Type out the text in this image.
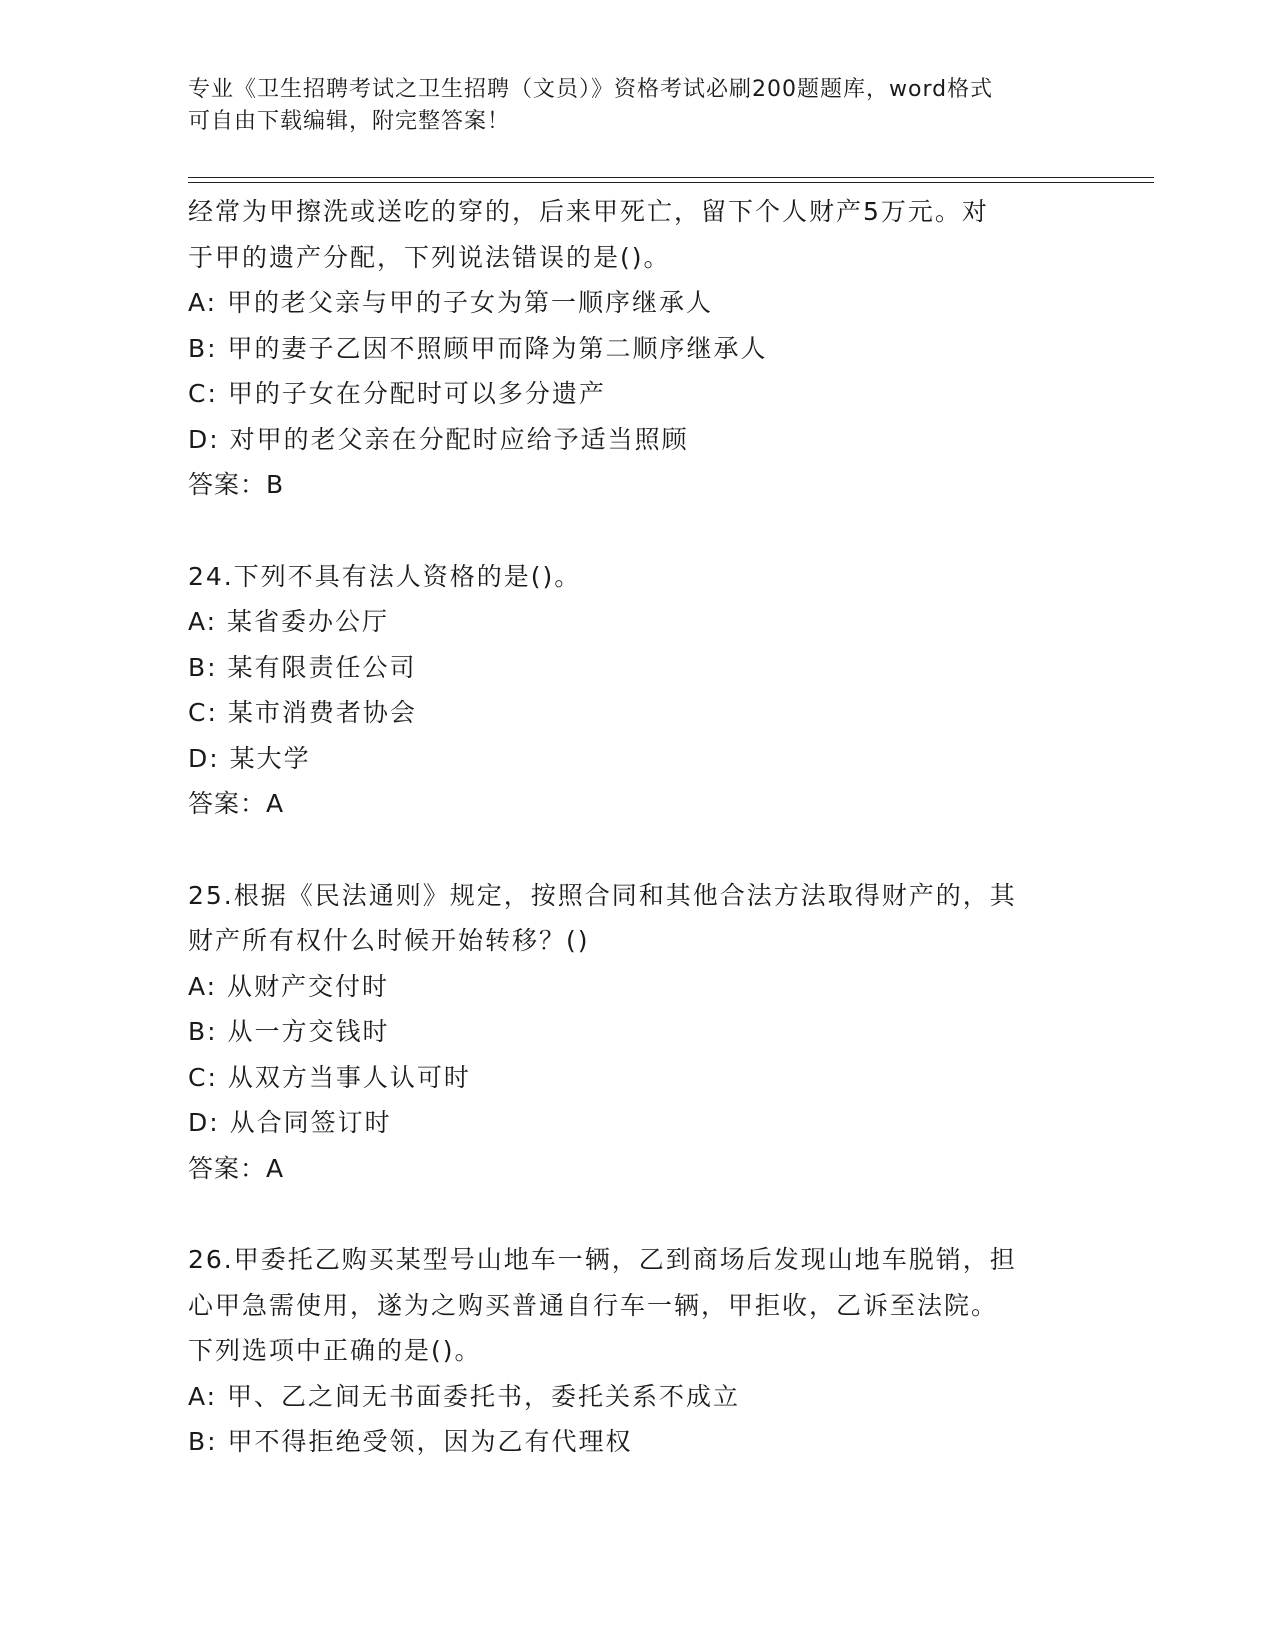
专业《卫生招聘考试之卫生招聘（文员）》资格考试必刷200题题库，word格式
可自由下载编辑，附完整答案！
经常为甲擦洗或送吃的穿的，后来甲死亡，留下个人财产5万元。对
于甲的遗产分配，下列说法错误的是()。
A: 甲的老父亲与甲的子女为第一顺序继承人
B: 甲的妻子乙因不照顾甲而降为第二顺序继承人
C: 甲的子女在分配时可以多分遗产
D: 对甲的老父亲在分配时应给予适当照顾
答案：B
24.下列不具有法人资格的是()。
A: 某省委办公厅
B: 某有限责任公司
C: 某市消费者协会
D: 某大学
答案：A
25.根据《民法通则》规定，按照合同和其他合法方法取得财产的，其
财产所有权什么时候开始转移？()
A: 从财产交付时
B: 从一方交钱时
C: 从双方当事人认可时
D: 从合同签订时
答案：A
26.甲委托乙购买某型号山地车一辆，乙到商场后发现山地车脱销，担
心甲急需使用，遂为之购买普通自行车一辆，甲拒收，乙诉至法院。
下列选项中正确的是()。
A: 甲、乙之间无书面委托书，委托关系不成立
B: 甲不得拒绝受领，因为乙有代理权
